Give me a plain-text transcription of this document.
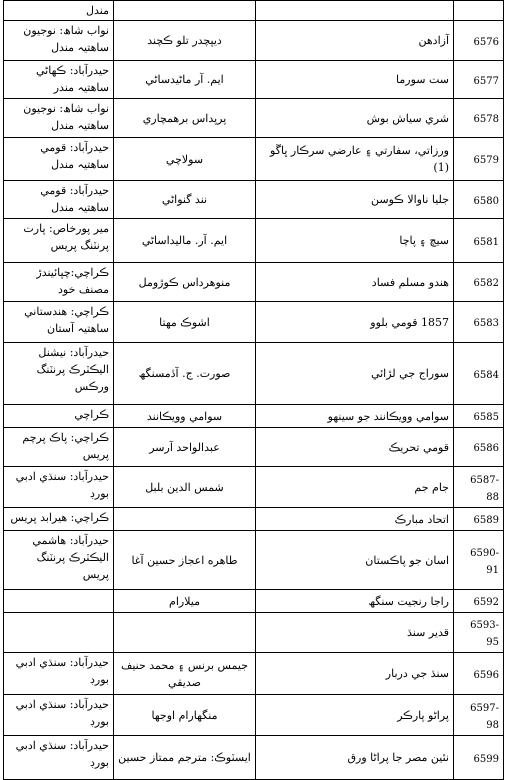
مندل			
نواب شاھ: نوجيون ساھتيہ مندل	ديپچدر تلو ڪچند	آزادھن	6576
حيدرآباد: ڪھاڻي ساھتيہ مندر	ايم. آر ماڻيدساڻي	ست سورما	6577
نواب شاھ: نوجيون ساھتيہ مندل	پرپداس برھمچاري	شري سياش بوش	6578
حيدرآباد: قومي ساھتيہ مندل	سولاچي	ورزاتي، سفارتي ۽ عارضي سرڪار ڀاڱو (1)	6579
حيدرآباد: قومي ساھتيہ مندل	نند گنواڻي	جليا ناوالا ڪوسن	6580
مير پورخاص: پارت پرنٽنگ پريس	ايم. آر. ماليداساڻي	سيچ ۽ پاچا	6581
ڪراچي:چپائيندڙ مصنف خود	منوھرداس ڪوڙومل	ھندو مسلم فساد	6582
ڪراچي: ھندستاني ساھتيہ آستان	اشوڪ مھتا	1857 قومي بلوو	6583
حيدرآباد: نيشنل اليڪٽرڪ پرنٽنگ ورڪس	صورت. ج. آڏمسنگھ	سوراج جي لڙائي	6584
ڪراچي	سوامي وويڪانند	سوامي وويڪانند جو سينھو	6585
ڪراچي: پاڪ پرچم پريس	عبدالواحد آرسر	قومي تحريڪ	6586
حيدرآباد: سنڌي ادبي بورڊ	شمس الدين بلبل	جام جم	6587-88
ڪراچي: ھيرابد پريس		اتحاد مبارڪ	6589
حيدرآباد: ھاشمي اليڪٽرڪ پرنٽنگ پريس	طاھره اعجاز حسين آغا	اسان جو پاڪستان	6590-91
	ميلارام	راجا رنجيت سنگھ	6592
		قدير سنڌ	6593-95
حيدرآباد: سنڌي ادبي بورڊ	جيمس برنس ۽ محمد حنيف صديقي	سنڌ جي دربار	6596
حيدرآباد: سنڌي ادبي بورڊ	منگھارام اوجھا	پراڻو پارڪر	6597-98
حيدرآباد: سنڌي ادبي بورڊ	ايسٽوڪ: مترجم ممتاز حسين	نئين مصر جا پراڻا ورق	6599
